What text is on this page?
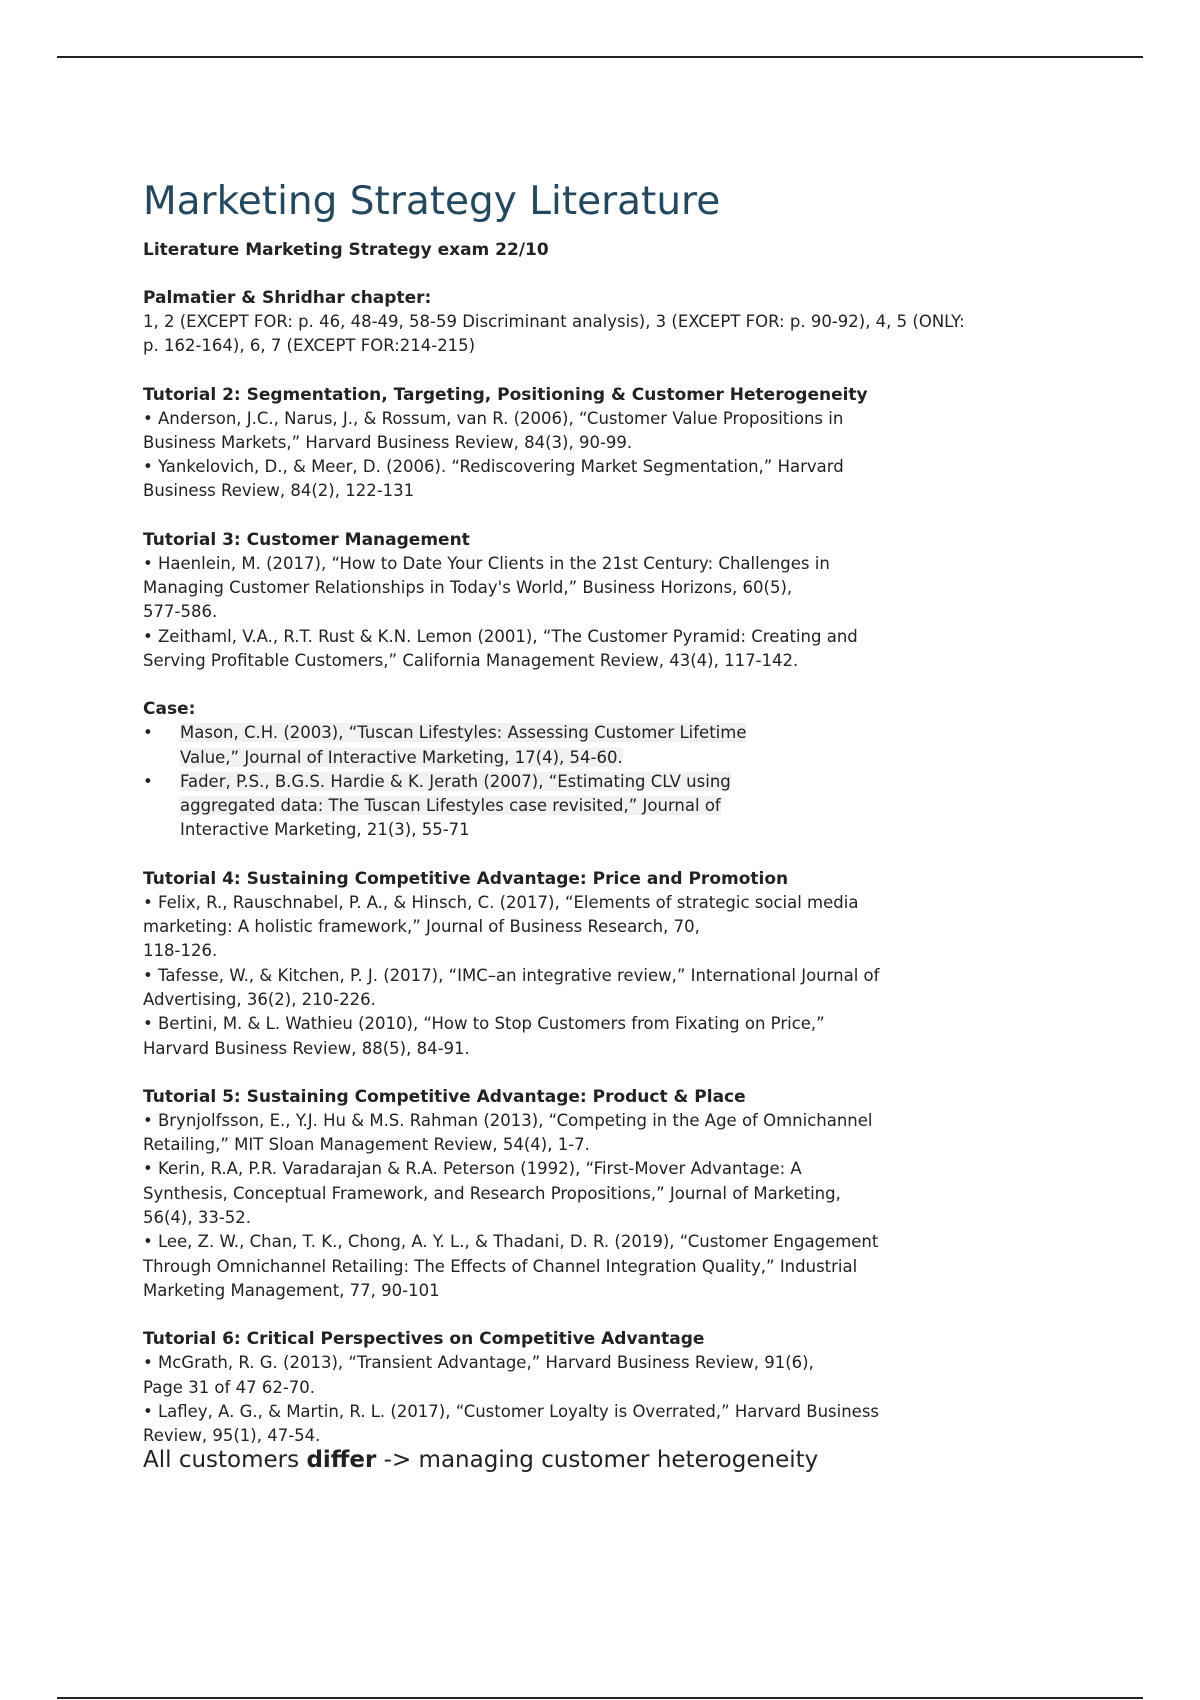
Marketing Strategy Literature
Literature Marketing Strategy exam 22/10
Palmatier & Shridhar chapter:
1, 2 (EXCEPT FOR: p. 46, 48-49, 58-59 Discriminant analysis), 3 (EXCEPT FOR: p. 90-92), 4, 5 (ONLY:
p. 162-164), 6, 7 (EXCEPT FOR:214-215)
Tutorial 2: Segmentation, Targeting, Positioning & Customer Heterogeneity
• Anderson, J.C., Narus, J., & Rossum, van R. (2006), “Customer Value Propositions in
Business Markets,” Harvard Business Review, 84(3), 90-99.
• Yankelovich, D., & Meer, D. (2006). “Rediscovering Market Segmentation,” Harvard
Business Review, 84(2), 122-131
Tutorial 3: Customer Management
• Haenlein, M. (2017), “How to Date Your Clients in the 21st Century: Challenges in
Managing Customer Relationships in Today's World,” Business Horizons, 60(5),
577-586.
• Zeithaml, V.A., R.T. Rust & K.N. Lemon (2001), “The Customer Pyramid: Creating and
Serving Profitable Customers,” California Management Review, 43(4), 117-142.
Case:
• Mason, C.H. (2003), “Tuscan Lifestyles: Assessing Customer Lifetime
Value,” Journal of Interactive Marketing, 17(4), 54-60.
• Fader, P.S., B.G.S. Hardie & K. Jerath (2007), “Estimating CLV using
aggregated data: The Tuscan Lifestyles case revisited,” Journal of
Interactive Marketing, 21(3), 55-71
Tutorial 4: Sustaining Competitive Advantage: Price and Promotion
• Felix, R., Rauschnabel, P. A., & Hinsch, C. (2017), “Elements of strategic social media
marketing: A holistic framework,” Journal of Business Research, 70,
118-126.
• Tafesse, W., & Kitchen, P. J. (2017), “IMC–an integrative review,” International Journal of
Advertising, 36(2), 210-226.
• Bertini, M. & L. Wathieu (2010), “How to Stop Customers from Fixating on Price,”
Harvard Business Review, 88(5), 84-91.
Tutorial 5: Sustaining Competitive Advantage: Product & Place
• Brynjolfsson, E., Y.J. Hu & M.S. Rahman (2013), “Competing in the Age of Omnichannel
Retailing,” MIT Sloan Management Review, 54(4), 1-7.
• Kerin, R.A, P.R. Varadarajan & R.A. Peterson (1992), “First-Mover Advantage: A
Synthesis, Conceptual Framework, and Research Propositions,” Journal of Marketing,
56(4), 33-52.
• Lee, Z. W., Chan, T. K., Chong, A. Y. L., & Thadani, D. R. (2019), “Customer Engagement
Through Omnichannel Retailing: The Effects of Channel Integration Quality,” Industrial
Marketing Management, 77, 90-101
Tutorial 6: Critical Perspectives on Competitive Advantage
• McGrath, R. G. (2013), “Transient Advantage,” Harvard Business Review, 91(6),
Page 31 of 47 62-70.
• Lafley, A. G., & Martin, R. L. (2017), “Customer Loyalty is Overrated,” Harvard Business
Review, 95(1), 47-54.
All customers differ -> managing customer heterogeneity
